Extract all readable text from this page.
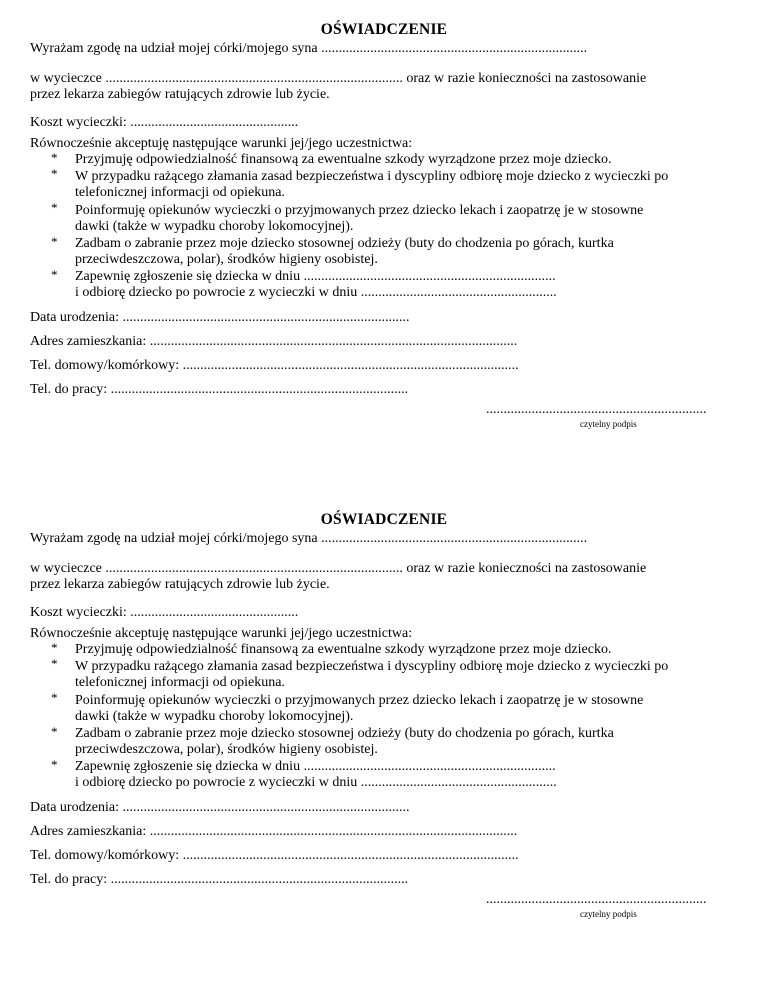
OŚWIADCZENIE
Wyrażam zgodę na udział mojej córki/mojego syna ............................................................................
w wycieczce ..................................................................................... oraz w razie konieczności na zastosowanie
przez lekarza zabiegów ratujących zdrowie lub życie.
Koszt wycieczki: ................................................
Równocześnie akceptuję następujące warunki jej/jego uczestnictwa:
* Przyjmuję odpowiedzialność finansową za ewentualne szkody wyrządzone przez moje dziecko.
* W przypadku rażącego złamania zasad bezpieczeństwa i dyscypliny odbiorę moje dziecko z wycieczki po
telefonicznej informacji od opiekuna.
* Poinformuję opiekunów wycieczki o przyjmowanych przez dziecko lekach i zaopatrzę je w stosowne
dawki (także w wypadku choroby lokomocyjnej).
* Zadbam o zabranie przez moje dziecko stosownej odzieży (buty do chodzenia po górach, kurtka
przeciwdeszczowa, polar), środków higieny osobistej.
* Zapewnię zgłoszenie się dziecka w dniu ........................................................................
i odbiorę dziecko po powrocie z wycieczki w dniu ........................................................
Data urodzenia: ..................................................................................
Adres zamieszkania: .........................................................................................................
Tel. domowy/komórkowy: ................................................................................................
Tel. do pracy: .....................................................................................
...............................................................
czytelny podpis
OŚWIADCZENIE
Wyrażam zgodę na udział mojej córki/mojego syna ............................................................................
w wycieczce ..................................................................................... oraz w razie konieczności na zastosowanie
przez lekarza zabiegów ratujących zdrowie lub życie.
Koszt wycieczki: ................................................
Równocześnie akceptuję następujące warunki jej/jego uczestnictwa:
* Przyjmuję odpowiedzialność finansową za ewentualne szkody wyrządzone przez moje dziecko.
* W przypadku rażącego złamania zasad bezpieczeństwa i dyscypliny odbiorę moje dziecko z wycieczki po
telefonicznej informacji od opiekuna.
* Poinformuję opiekunów wycieczki o przyjmowanych przez dziecko lekach i zaopatrzę je w stosowne
dawki (także w wypadku choroby lokomocyjnej).
* Zadbam o zabranie przez moje dziecko stosownej odzieży (buty do chodzenia po górach, kurtka
przeciwdeszczowa, polar), środków higieny osobistej.
* Zapewnię zgłoszenie się dziecka w dniu ........................................................................
i odbiorę dziecko po powrocie z wycieczki w dniu ........................................................
Data urodzenia: ..................................................................................
Adres zamieszkania: .........................................................................................................
Tel. domowy/komórkowy: ................................................................................................
Tel. do pracy: .....................................................................................
...............................................................
czytelny podpis
